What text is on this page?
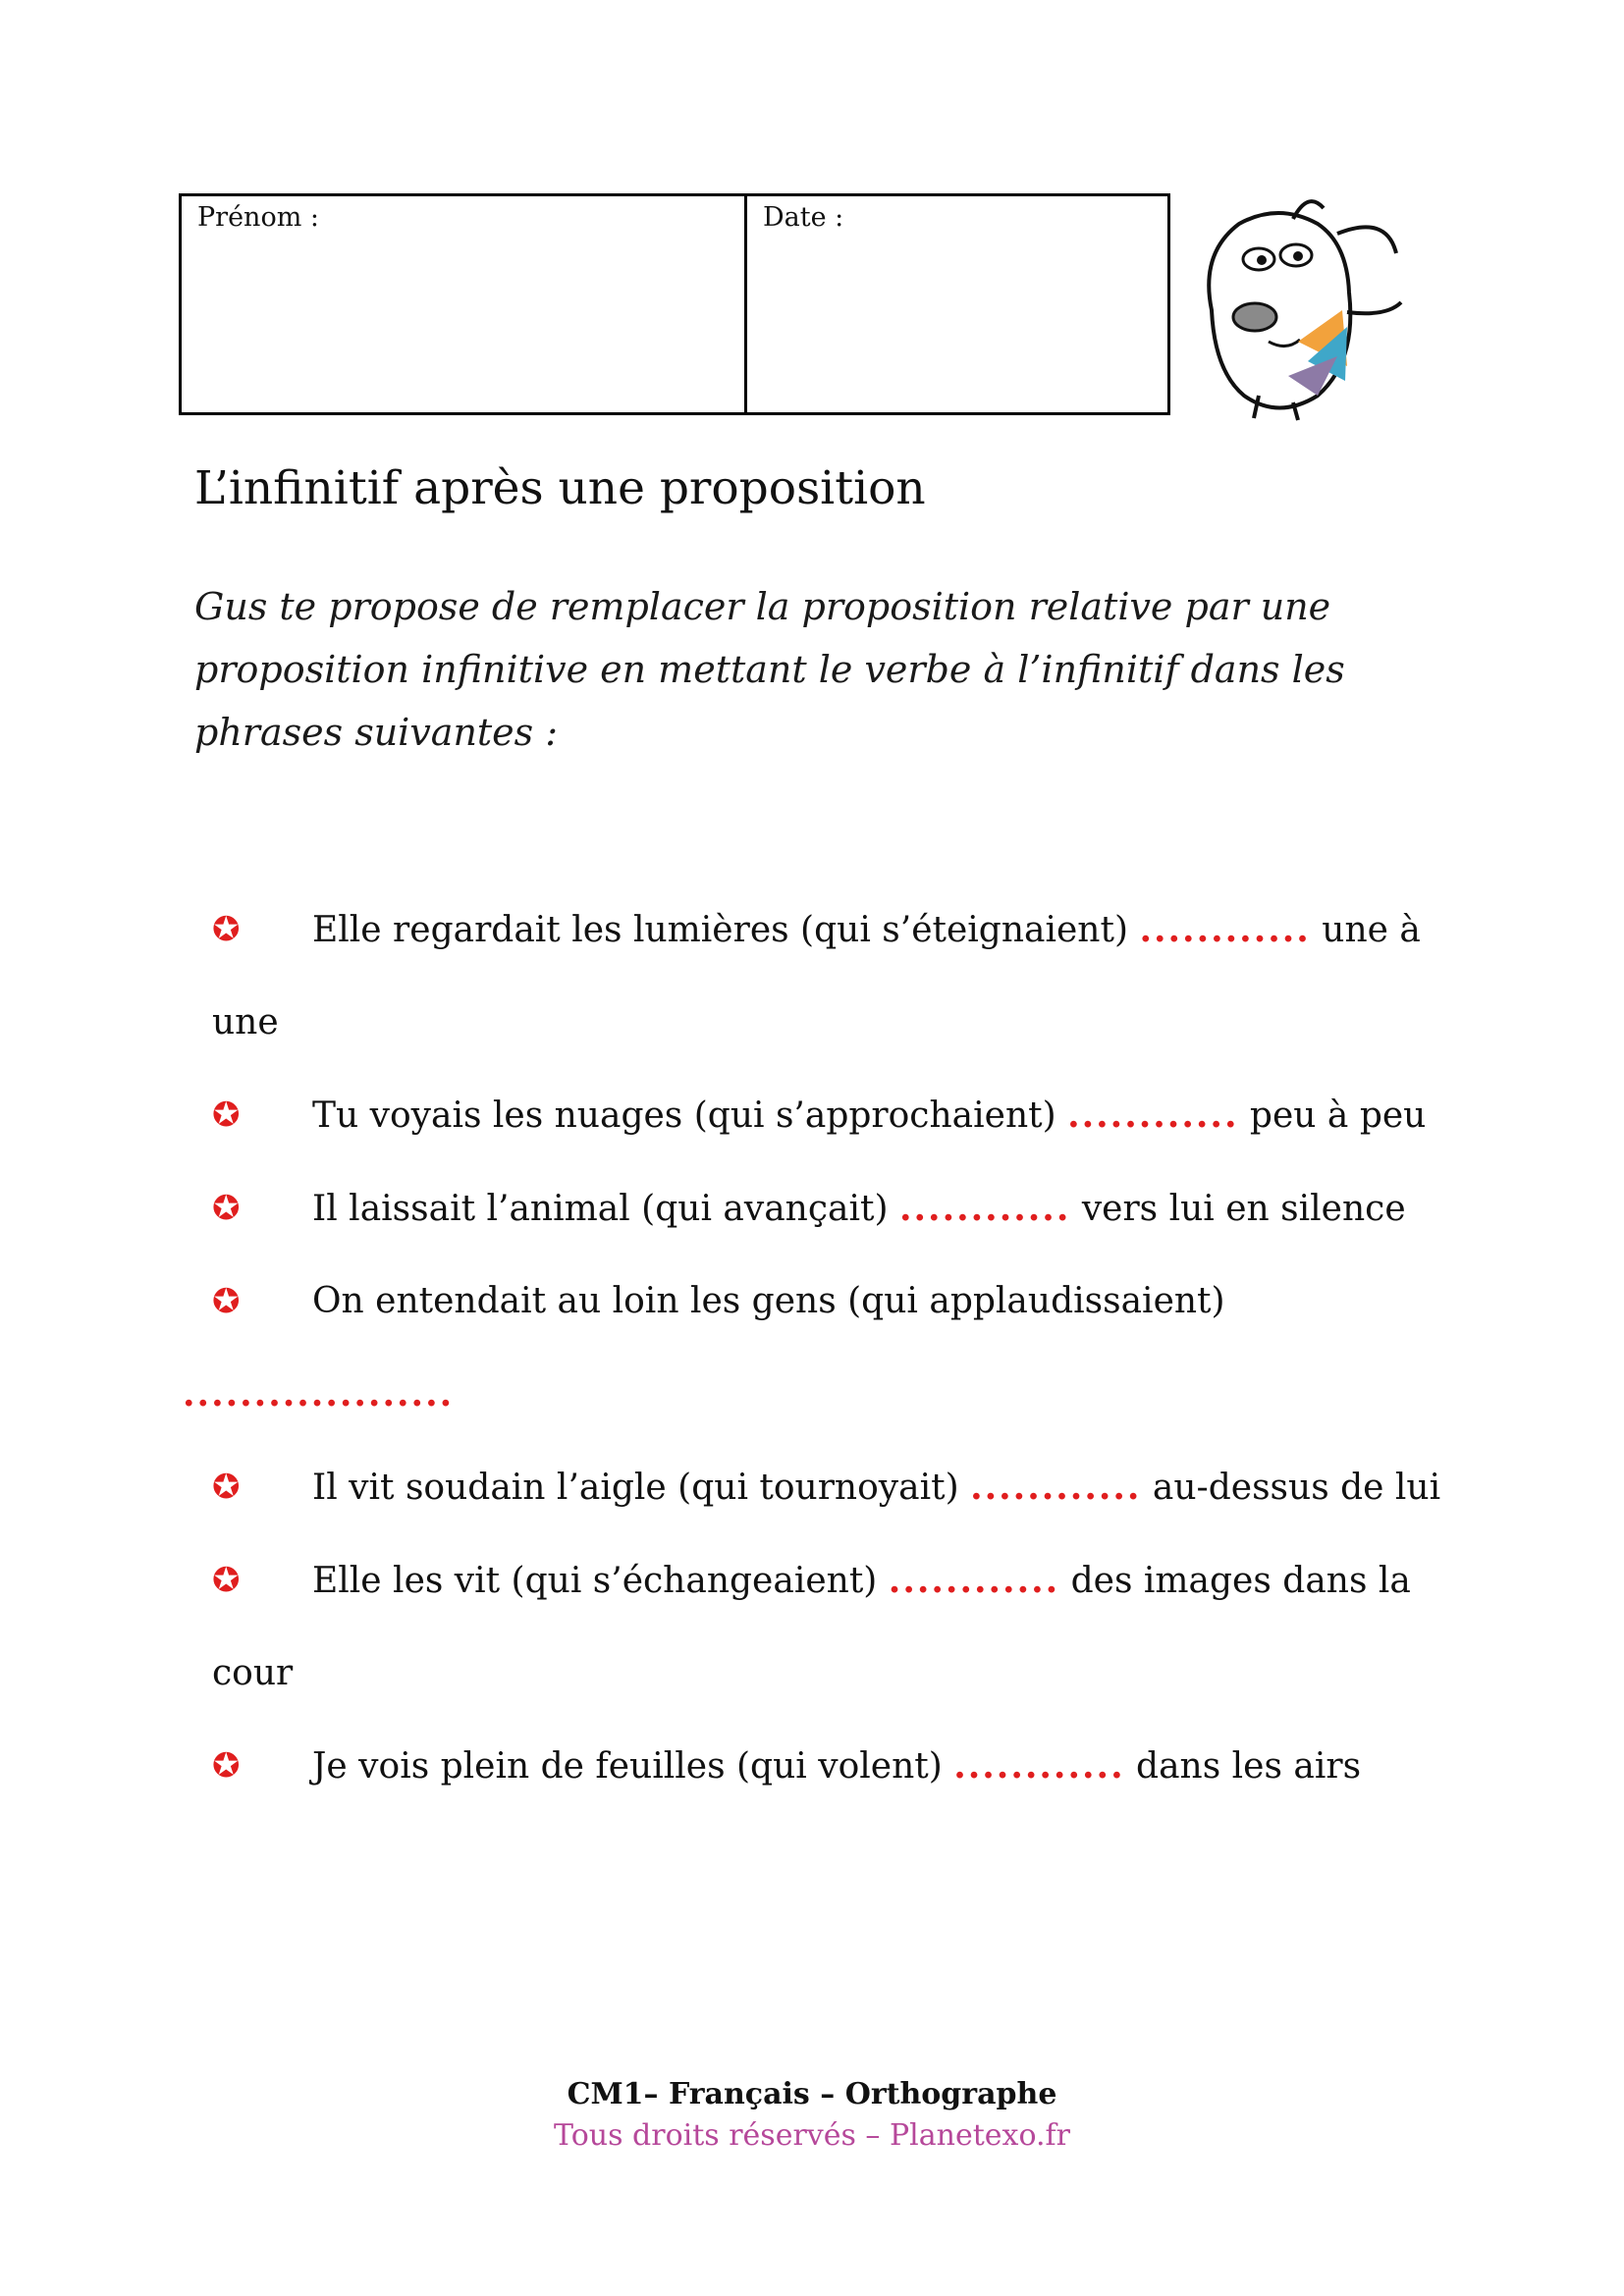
Prénom :	Date :
L’infinitif après une proposition

Gus te propose de remplacer la proposition relative par une proposition infinitive en mettant le verbe à l’infinitif dans les phrases suivantes :

✪ Elle regardait les lumières (qui s’éteignaient) ............ une à
une
✪ Tu voyais les nuages (qui s’approchaient) ............ peu à peu
✪ Il laissait l’animal (qui avançait) ............ vers lui en silence
✪ On entendait au loin les gens (qui applaudissaient)
...................
✪ Il vit soudain l’aigle (qui tournoyait) ............ au-dessus de lui
✪ Elle les vit (qui s’échangeaient) ............ des images dans la
cour
✪ Je vois plein de feuilles (qui volent) ............ dans les airs
CM1– Français – Orthographe
Tous droits réservés – Planetexo.fr
